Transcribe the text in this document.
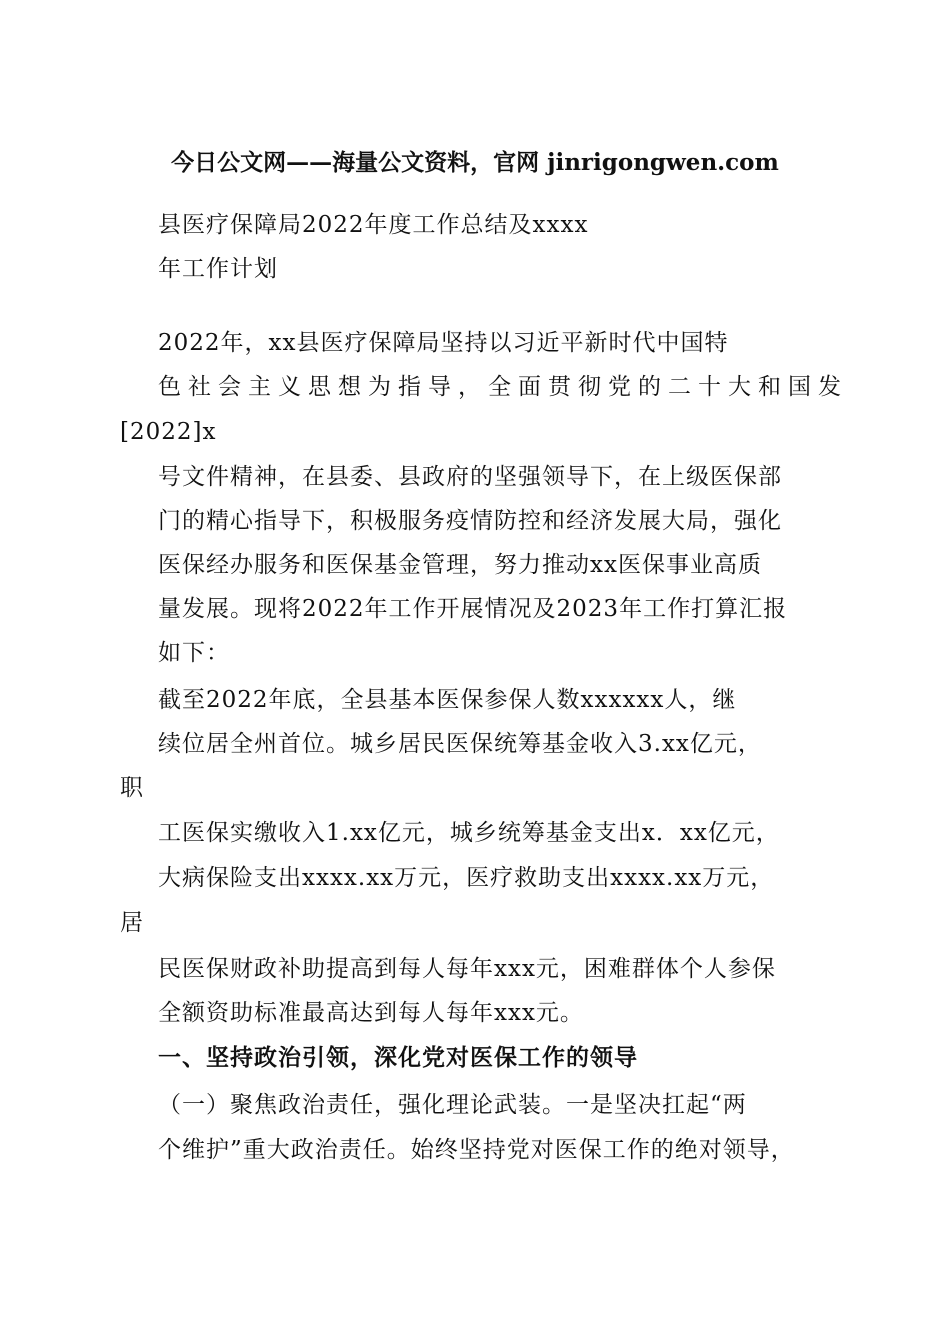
今日公文网——海量公文资料，官网 jinrigongwen.com
县医疗保障局2022年度工作总结及xxxx
年工作计划
2022年，xx县医疗保障局坚持以习近平新时代中国特
色社会主义思想为指导，全面贯彻党的二十大和国发
[2022]x
号文件精神，在县委、县政府的坚强领导下，在上级医保部
门的精心指导下，积极服务疫情防控和经济发展大局，强化
医保经办服务和医保基金管理，努力推动xx医保事业高质
量发展。现将2022年工作开展情况及2023年工作打算汇报
如下：
截至2022年底，全县基本医保参保人数xxxxxx人，继
续位居全州首位。城乡居民医保统筹基金收入3.xx亿元，
职
工医保实缴收入1.xx亿元，城乡统筹基金支出x．xx亿元，
大病保险支出xxxx.xx万元，医疗救助支出xxxx.xx万元，
居
民医保财政补助提高到每人每年xxx元，困难群体个人参保
全额资助标准最高达到每人每年xxx元。
一、坚持政治引领，深化党对医保工作的领导
（一）聚焦政治责任，强化理论武装。一是坚决扛起“两
个维护”重大政治责任。始终坚持党对医保工作的绝对领导，
